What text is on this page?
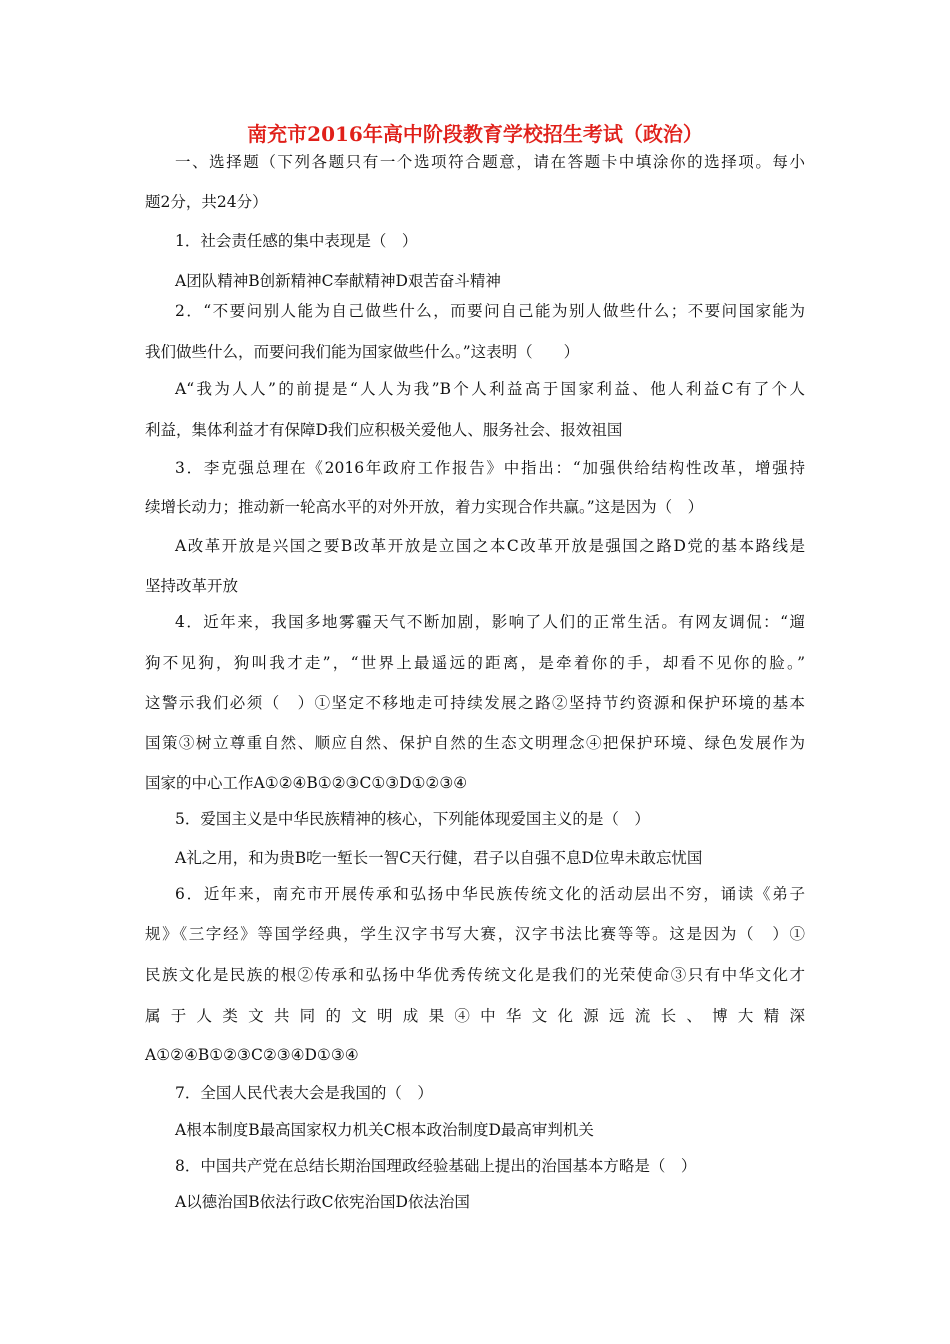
南充市2016年高中阶段教育学校招生考试（政治）
一、选择题（下列各题只有一个选项符合题意，请在答题卡中填涂你的选择项。每小
题2分，共24分）
1．社会责任感的集中表现是（　）
A团队精神B创新精神C奉献精神D艰苦奋斗精神
2．“不要问别人能为自己做些什么，而要问自己能为别人做些什么；不要问国家能为
我们做些什么，而要问我们能为国家做些什么。”这表明（　　）
A“我为人人”的前提是“人人为我”B个人利益高于国家利益、他人利益C有了个人
利益，集体利益才有保障D我们应积极关爱他人、服务社会、报效祖国
3．李克强总理在《2016年政府工作报告》中指出：“加强供给结构性改革，增强持
续增长动力；推动新一轮高水平的对外开放，着力实现合作共赢。”这是因为（　）
A改革开放是兴国之要B改革开放是立国之本C改革开放是强国之路D党的基本路线是
坚持改革开放
4．近年来，我国多地雾霾天气不断加剧，影响了人们的正常生活。有网友调侃：“遛
狗不见狗，狗叫我才走”，“世界上最遥远的距离，是牵着你的手，却看不见你的脸。”
这警示我们必须（　）①坚定不移地走可持续发展之路②坚持节约资源和保护环境的基本
国策③树立尊重自然、顺应自然、保护自然的生态文明理念④把保护环境、绿色发展作为
国家的中心工作A①②④B①②③C①③D①②③④
5．爱国主义是中华民族精神的核心，下列能体现爱国主义的是（　）
A礼之用，和为贵B吃一堑长一智C天行健，君子以自强不息D位卑未敢忘忧国
6．近年来，南充市开展传承和弘扬中华民族传统文化的活动层出不穷，诵读《弟子
规》《三字经》等国学经典，学生汉字书写大赛，汉字书法比赛等等。这是因为（　）①
民族文化是民族的根②传承和弘扬中华优秀传统文化是我们的光荣使命③只有中华文化才
属于人类文共同的文明成果④中华文化源远流长、博大精深
A①②④B①②③C②③④D①③④
7．全国人民代表大会是我国的（　）
A根本制度B最高国家权力机关C根本政治制度D最高审判机关
8．中国共产党在总结长期治国理政经验基础上提出的治国基本方略是（　）
A以德治国B依法行政C依宪治国D依法治国
